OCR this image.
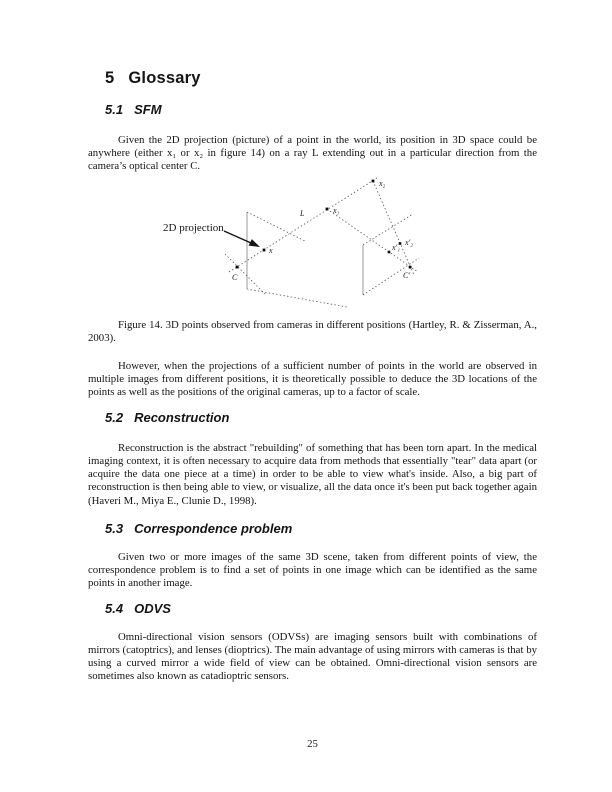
5 Glossary
5.1 SFM

Given the 2D projection (picture) of a point in the world, its position in 3D space could be anywhere (either x₁ or x₂ in figure 14) on a ray L extending out in a particular direction from the camera’s optical center C.

2D projection
C
x
L	x₁
x₂
x'₁
x'₂
C'

Figure 14. 3D points observed from cameras in different positions (Hartley, R. & Zisserman, A., 2003).

However, when the projections of a sufficient number of points in the world are observed in multiple images from different positions, it is theoretically possible to deduce the 3D locations of the points as well as the positions of the original cameras, up to a factor of scale.

5.2 Reconstruction

Reconstruction is the abstract "rebuilding" of something that has been torn apart. In the medical imaging context, it is often necessary to acquire data from methods that essentially "tear" data apart (or acquire the data one piece at a time) in order to be able to view what's inside. Also, a big part of reconstruction is then being able to view, or visualize, all the data once it's been put back together again (Haveri M., Miya E., Clunie D., 1998).

5.3 Correspondence problem

Given two or more images of the same 3D scene, taken from different points of view, the correspondence problem is to find a set of points in one image which can be identified as the same points in another image.

5.4 ODVS

Omni-directional vision sensors (ODVSs) are imaging sensors built with combinations of mirrors (catoptrics), and lenses (dioptrics). The main advantage of using mirrors with cameras is that by using a curved mirror a wide field of view can be obtained. Omni-directional vision sensors are sometimes also known as catadioptric sensors.

25
